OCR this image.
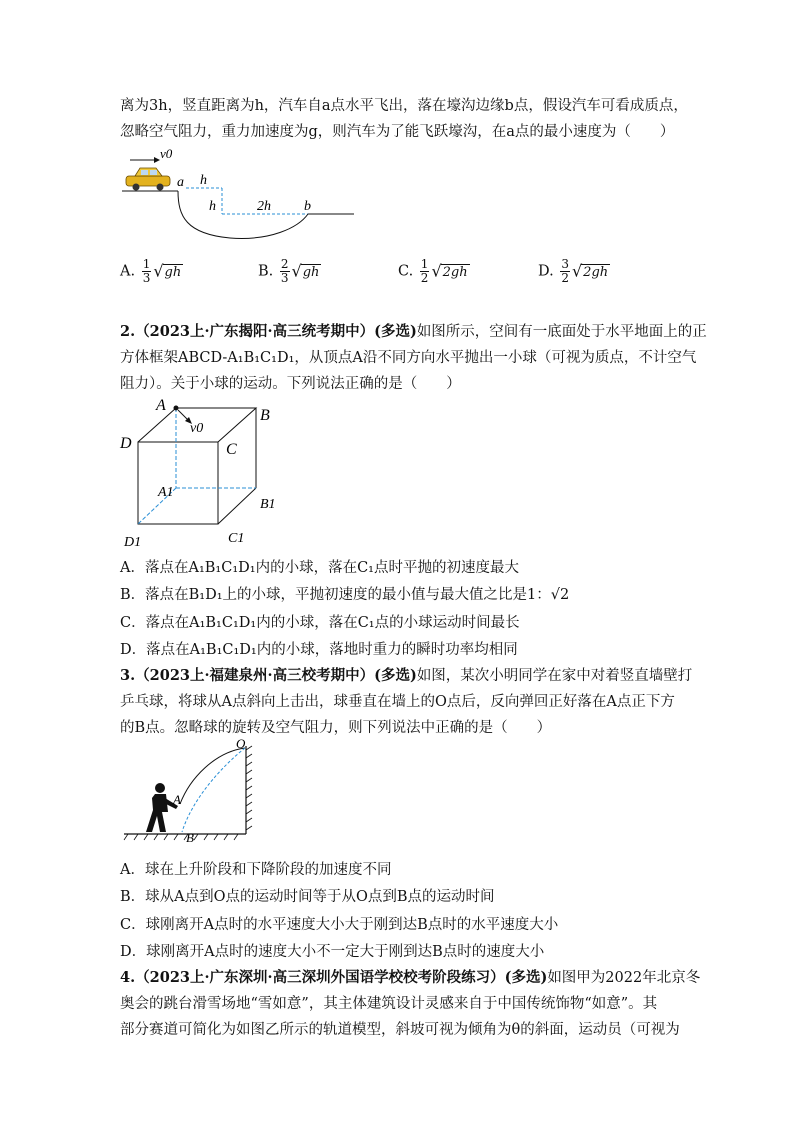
离为3h，竖直距离为h，汽车自a点水平飞出，落在壕沟边缘b点，假设汽车可看成质点，
忽略空气阻力，重力加速度为g，则汽车为了能飞跃壕沟，在a点的最小速度为（　　）
v0
a h
h	2h b
A. $\frac{1}{3} √gh$	B. $\frac{2}{3} √gh$	C. $\frac{1}{2} √2gh$	D. $\frac{3}{2} √2gh$
2.（2023上·广东揭阳·高三统考期中）(多选)如图所示，空间有一底面处于水平地面上的正
方体框架ABCD-A₁B₁C₁D₁，从顶点A沿不同方向水平抛出一小球（可视为质点，不计空气
阻力）。关于小球的运动。下列说法正确的是（　　）
A
B
C
D
v0
A1
B1
C1
D1
A．落点在A₁B₁C₁D₁内的小球，落在C₁点时平抛的初速度最大
B．落点在B₁D₁上的小球，平抛初速度的最小值与最大值之比是1：√2
C．落点在A₁B₁C₁D₁内的小球，落在C₁点的小球运动时间最长
D．落点在A₁B₁C₁D₁内的小球，落地时重力的瞬时功率均相同
3.（2023上·福建泉州·高三校考期中）(多选)如图，某次小明同学在家中对着竖直墙壁打
乒乓球，将球从A点斜向上击出，球垂直在墙上的O点后，反向弹回正好落在A点正下方
的B点。忽略球的旋转及空气阻力，则下列说法中正确的是（　　）
O
A
B
A．球在上升阶段和下降阶段的加速度不同
B．球从A点到O点的运动时间等于从O点到B点的运动时间
C．球刚离开A点时的水平速度大小大于刚到达B点时的水平速度大小
D．球刚离开A点时的速度大小不一定大于刚到达B点时的速度大小
4.（2023上·广东深圳·高三深圳外国语学校校考阶段练习）(多选)如图甲为2022年北京冬
奥会的跳台滑雪场地“雪如意”，其主体建筑设计灵感来自于中国传统饰物“如意”。其
部分赛道可简化为如图乙所示的轨道模型，斜坡可视为倾角为θ的斜面，运动员（可视为
